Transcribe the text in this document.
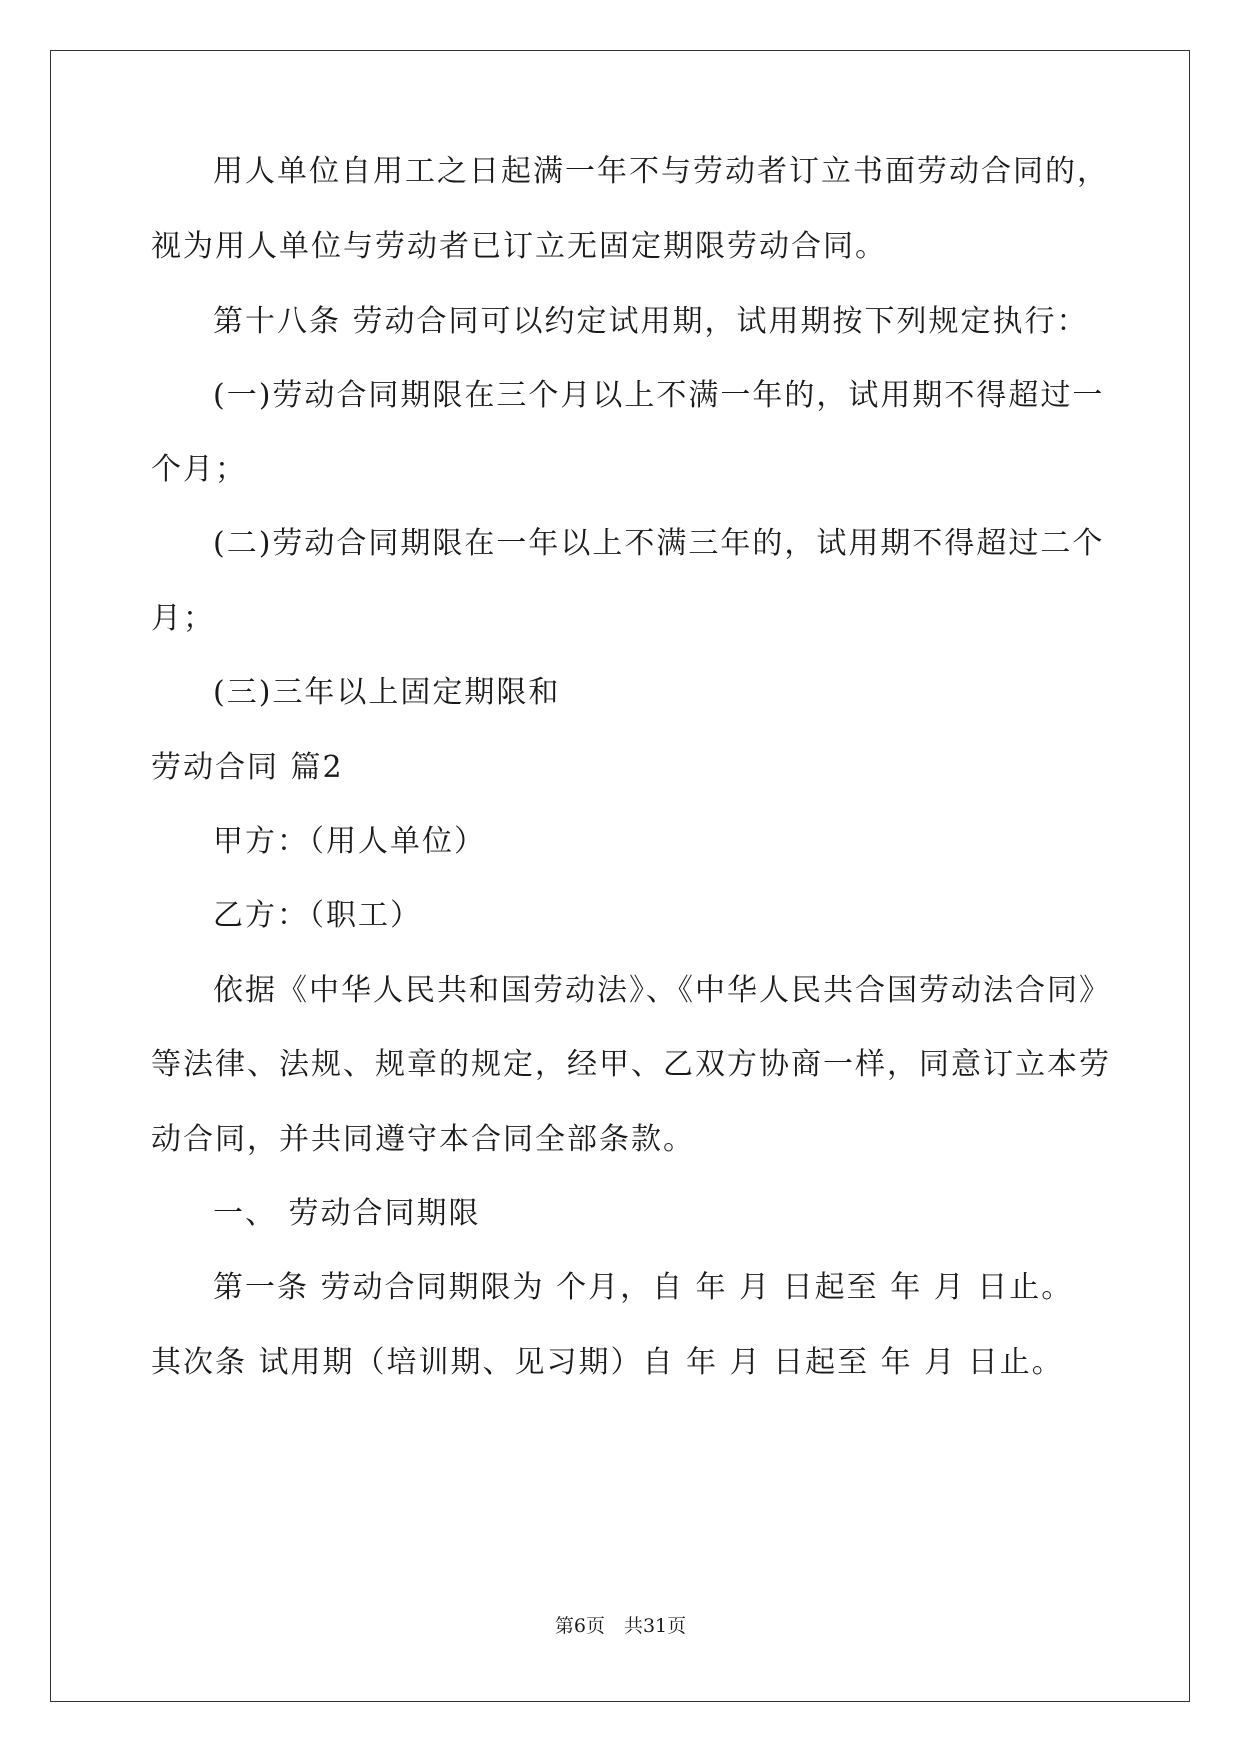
用人单位自用工之日起满一年不与劳动者订立书面劳动合同的，
视为用人单位与劳动者已订立无固定期限劳动合同。
第十八条 劳动合同可以约定试用期，试用期按下列规定执行：
(一)劳动合同期限在三个月以上不满一年的，试用期不得超过一
个月；
(二)劳动合同期限在一年以上不满三年的，试用期不得超过二个
月；
(三)三年以上固定期限和
劳动合同 篇2
甲方：（用人单位）
乙方：（职工）
依据《中华人民共和国劳动法》、《中华人民共合国劳动法合同》
等法律、法规、规章的规定，经甲、乙双方协商一样，同意订立本劳
动合同，并共同遵守本合同全部条款。
一、 劳动合同期限
第一条 劳动合同期限为 个月，自 年 月 日起至 年 月 日止。
其次条 试用期（培训期、见习期）自 年 月 日起至 年 月 日止。
第6页　共31页
